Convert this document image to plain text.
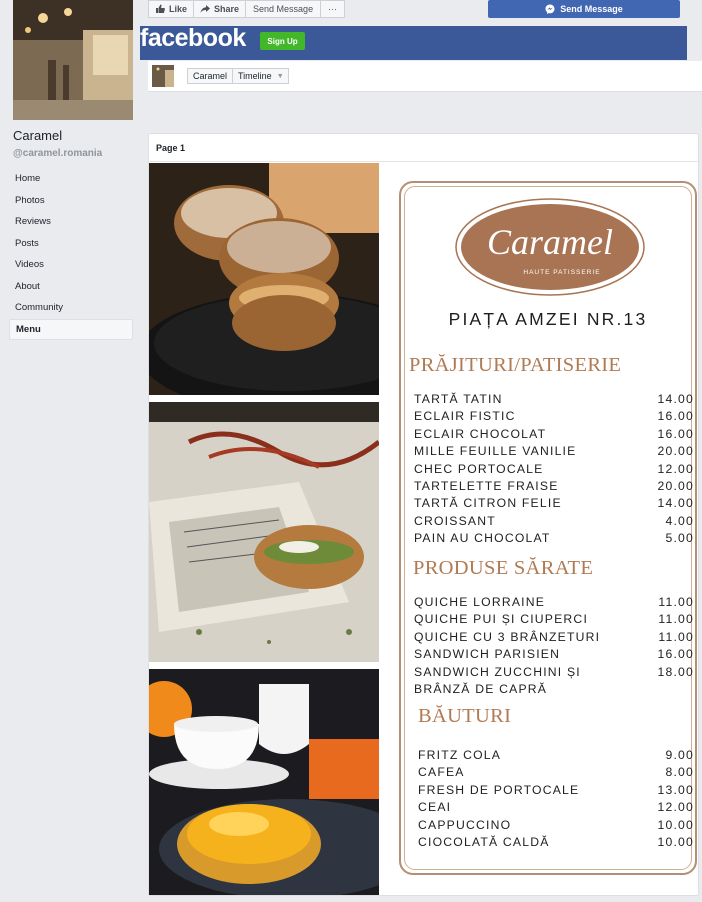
Caramel
@caramel.romania
Home
Photos
Reviews
Posts
Videos
About
Community
Menu
Like	Share	Send Message	···	Send Message
facebook	Sign Up
Caramel	Timeline ▼
Page 1
Caramel
HAUTE PATISSERIE
PIAȚA AMZEI NR.13
PRĂJITURI/PATISERIE
TARTĂ TATIN	14.00
ECLAIR FISTIC	16.00
ECLAIR CHOCOLAT	16.00
MILLE FEUILLE VANILIE	20.00
CHEC PORTOCALE	12.00
TARTELETTE FRAISE	20.00
TARTĂ CITRON FELIE	14.00
CROISSANT	4.00
PAIN AU CHOCOLAT	5.00
PRODUSE SĂRATE
QUICHE LORRAINE	11.00
QUICHE PUI ȘI CIUPERCI	11.00
QUICHE CU 3 BRÂNZETURI	11.00
SANDWICH PARISIEN	16.00
SANDWICH ZUCCHINI ȘI	18.00
BRÂNZĂ DE CAPRĂ
BĂUTURI
FRITZ COLA	9.00
CAFEA	8.00
FRESH DE PORTOCALE	13.00
CEAI	12.00
CAPPUCCINO	10.00
CIOCOLATĂ CALDĂ	10.00
